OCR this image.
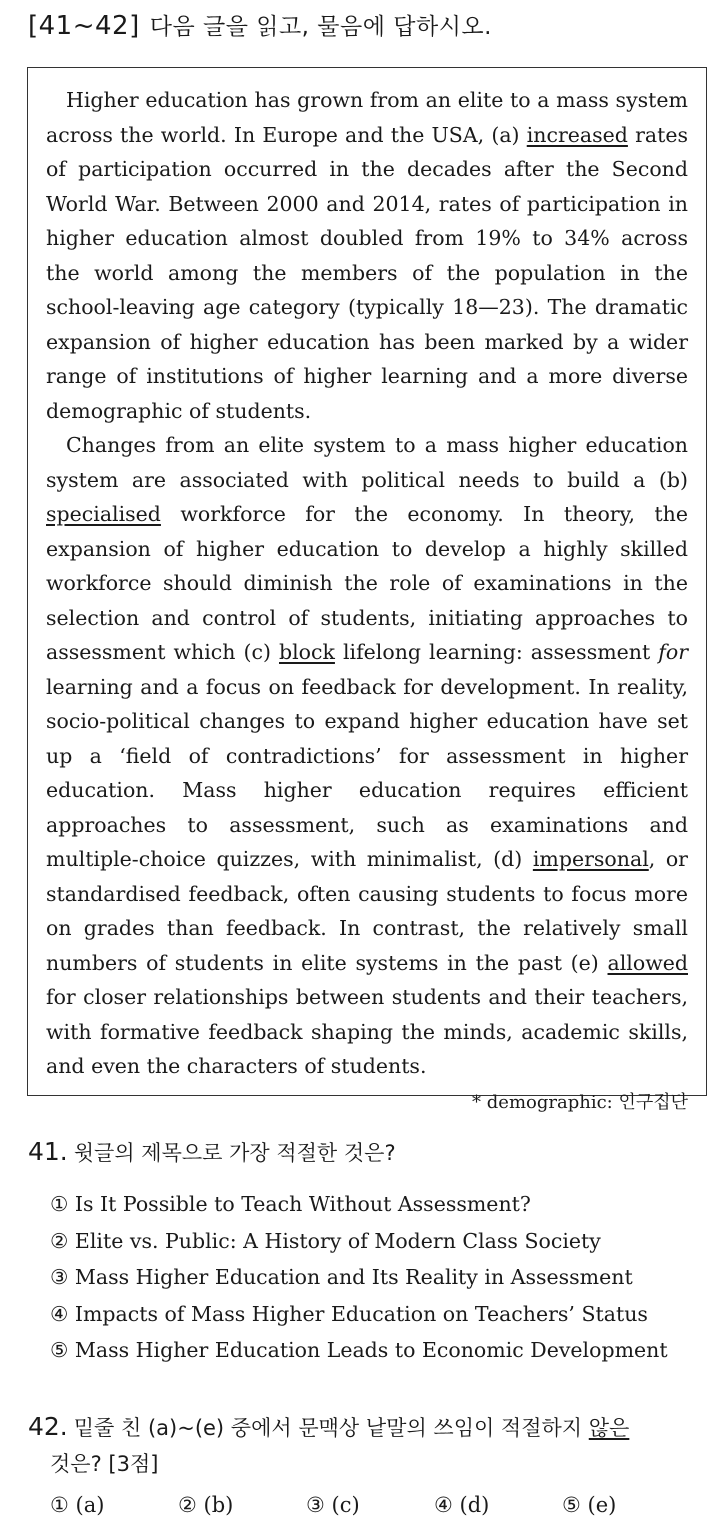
[41~42] 다음 글을 읽고, 물음에 답하시오.

Higher education has grown from an elite to a mass system across the world. In Europe and the USA, (a) increased rates of participation occurred in the decades after the Second World War. Between 2000 and 2014, rates of participation in higher education almost doubled from 19% to 34% across the world among the members of the population in the school-leaving age category (typically 18—23). The dramatic expansion of higher education has been marked by a wider range of institutions of higher learning and a more diverse demographic of students.

Changes from an elite system to a mass higher education system are associated with political needs to build a (b) specialised workforce for the economy. In theory, the expansion of higher education to develop a highly skilled workforce should diminish the role of examinations in the selection and control of students, initiating approaches to assessment which (c) block lifelong learning: assessment for learning and a focus on feedback for development. In reality, socio-political changes to expand higher education have set up a ‘field of contradictions’ for assessment in higher education. Mass higher education requires efficient approaches to assessment, such as examinations and multiple-choice quizzes, with minimalist, (d) impersonal, or standardised feedback, often causing students to focus more on grades than feedback. In contrast, the relatively small numbers of students in elite systems in the past (e) allowed for closer relationships between students and their teachers, with formative feedback shaping the minds, academic skills, and even the characters of students.

* demographic: 인구집단
41. 윗글의 제목으로 가장 적절한 것은?
① Is It Possible to Teach Without Assessment?
② Elite vs. Public: A History of Modern Class Society
③ Mass Higher Education and Its Reality in Assessment
④ Impacts of Mass Higher Education on Teachers’ Status
⑤ Mass Higher Education Leads to Economic Development
42. 밑줄 친 (a)~(e) 중에서 문맥상 낱말의 쓰임이 적절하지 않은
것은? [3점]
① (a)	② (b)	③ (c)	④ (d)	⑤ (e)
